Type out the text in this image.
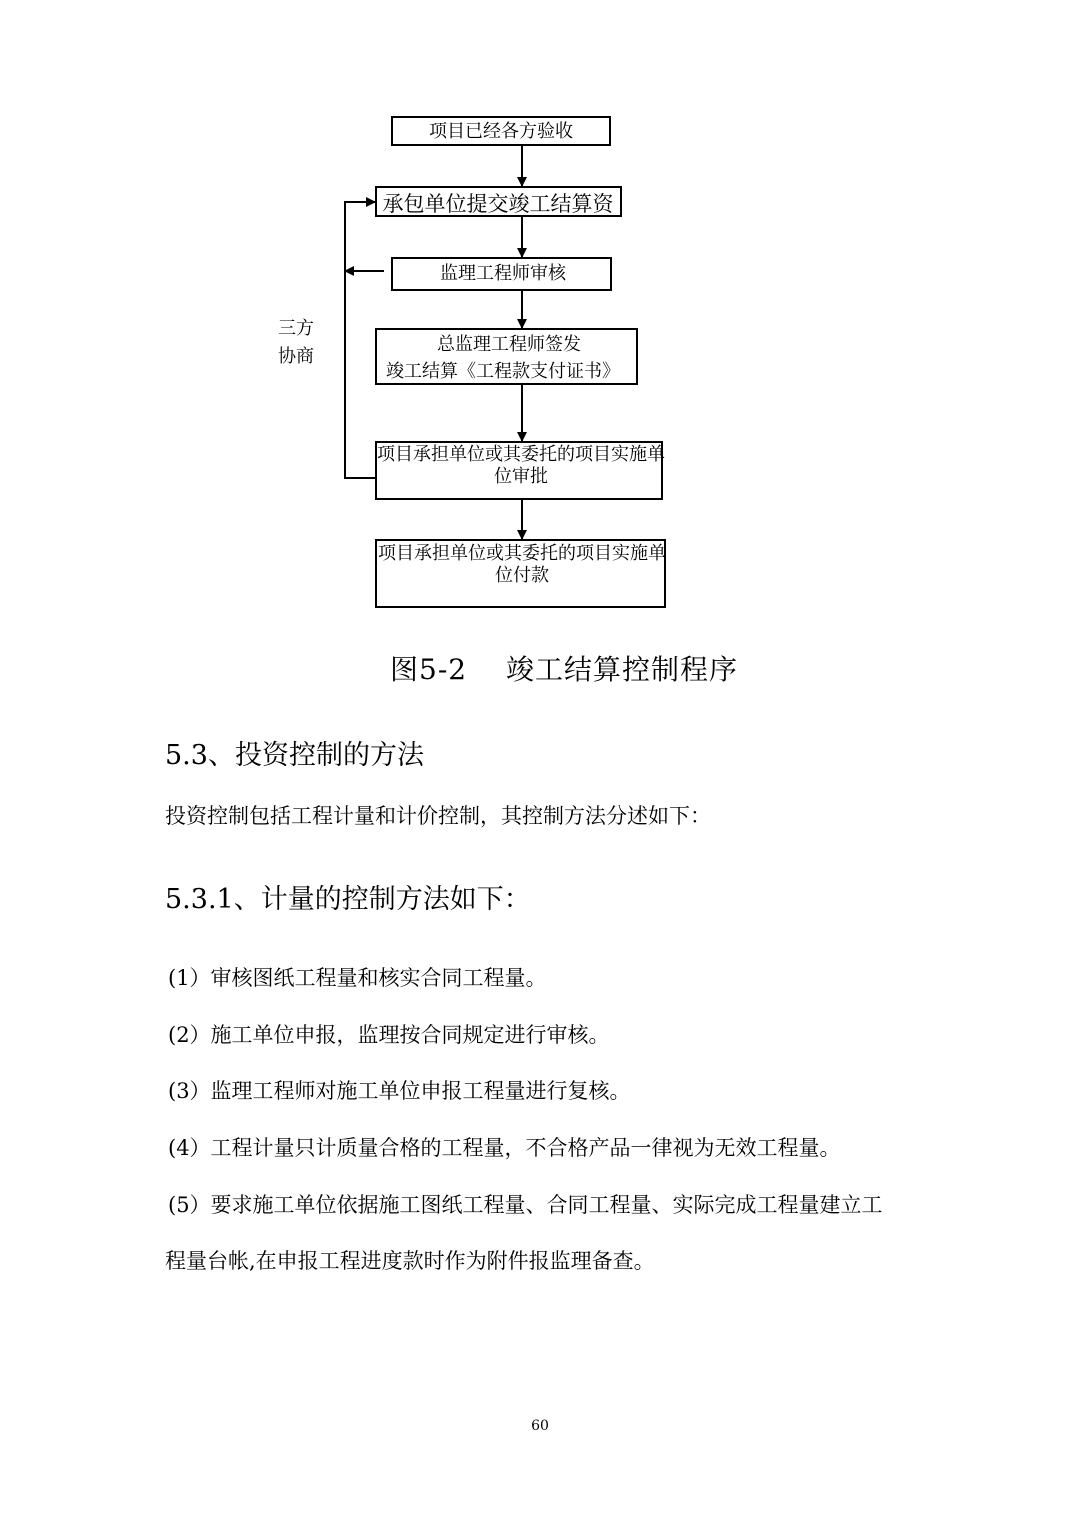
项目已经各方验收
承包单位提交竣工结算资
监理工程师审核
总监理工程师签发
竣工结算《工程款支付证书》
项目承担单位或其委托的项目实施单
位审批
项目承担单位或其委托的项目实施单
位付款
三方
协商
图5-2　 竣工结算控制程序
5.3、投资控制的方法
投资控制包括工程计量和计价控制，其控制方法分述如下：
5.3.1、计量的控制方法如下：
(1）审核图纸工程量和核实合同工程量。
(2）施工单位申报，监理按合同规定进行审核。
(3）监理工程师对施工单位申报工程量进行复核。
(4）工程计量只计质量合格的工程量，不合格产品一律视为无效工程量。
(5）要求施工单位依据施工图纸工程量、合同工程量、实际完成工程量建立工
程量台帐,在申报工程进度款时作为附件报监理备查。
60
